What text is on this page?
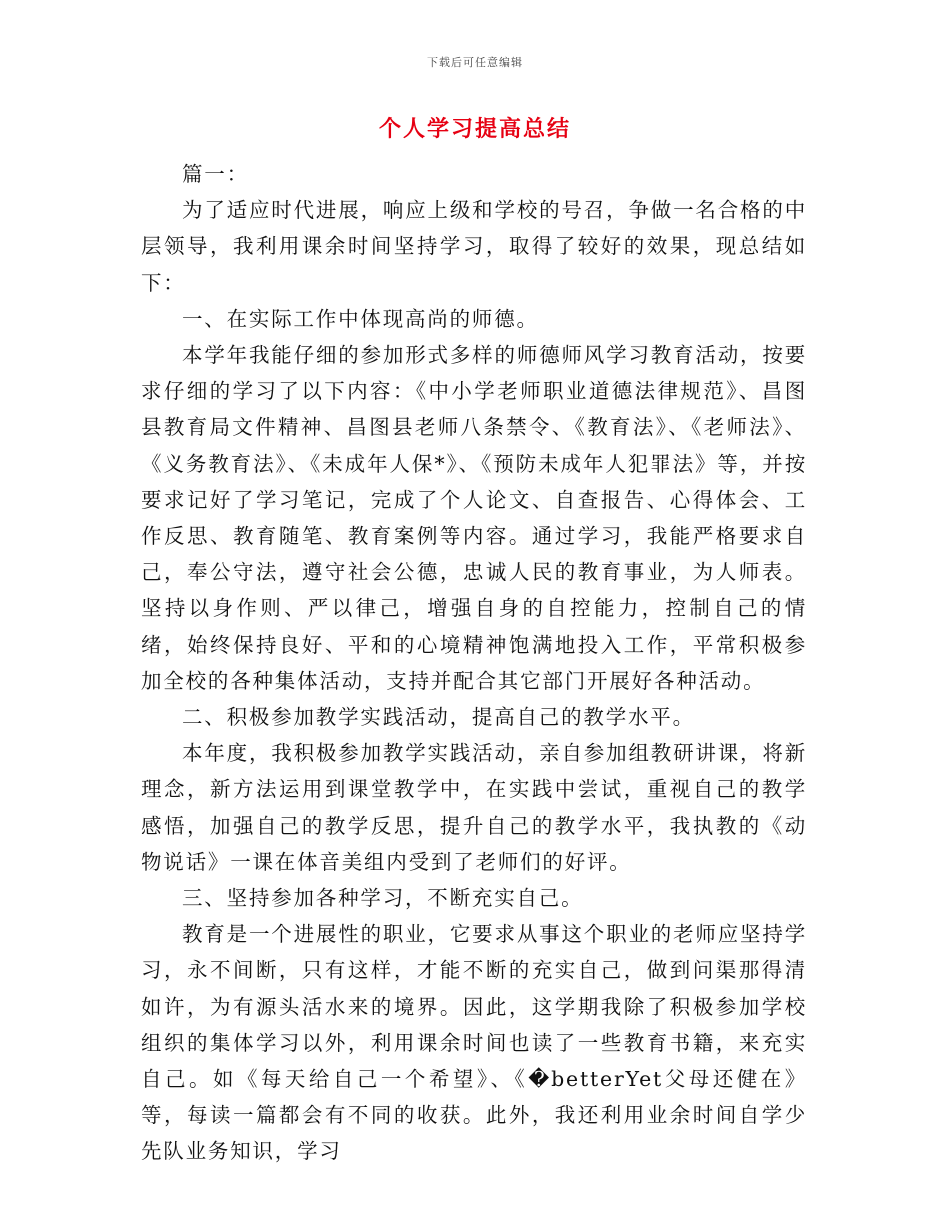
下载后可任意编辑
个人学习提高总结

篇一：

为了适应时代进展，响应上级和学校的号召，争做一名合格的中层领导，我利用课余时间坚持学习，取得了较好的效果，现总结如下：

一、在实际工作中体现高尚的师德。

本学年我能仔细的参加形式多样的师德师风学习教育活动，按要求仔细的学习了以下内容：《中小学老师职业道德法律规范》、昌图县教育局文件精神、昌图县老师八条禁令、《教育法》、《老师法》、《义务教育法》、《未成年人保*》、《预防未成年人犯罪法》等，并按要求记好了学习笔记，完成了个人论文、自查报告、心得体会、工作反思、教育随笔、教育案例等内容。通过学习，我能严格要求自己，奉公守法，遵守社会公德，忠诚人民的教育事业，为人师表。坚持以身作则、严以律己，增强自身的自控能力，控制自己的情绪，始终保持良好、平和的心境精神饱满地投入工作，平常积极参加全校的各种集体活动，支持并配合其它部门开展好各种活动。

二、积极参加教学实践活动，提高自己的教学水平。

本年度，我积极参加教学实践活动，亲自参加组教研讲课，将新理念，新方法运用到课堂教学中，在实践中尝试，重视自己的教学感悟，加强自己的教学反思，提升自己的教学水平，我执教的《动物说话》一课在体音美组内受到了老师们的好评。

三、坚持参加各种学习，不断充实自己。

教育是一个进展性的职业，它要求从事这个职业的老师应坚持学习，永不间断，只有这样，才能不断的充实自己，做到问渠那得清如许，为有源头活水来的境界。因此，这学期我除了积极参加学校组织的集体学习以外，利用课余时间也读了一些教育书籍，来充实自己。如《每天给自己一个希望》、《�betterYet父母还健在》等，每读一篇都会有不同的收获。此外，我还利用业余时间自学少先队业务知识，学习
